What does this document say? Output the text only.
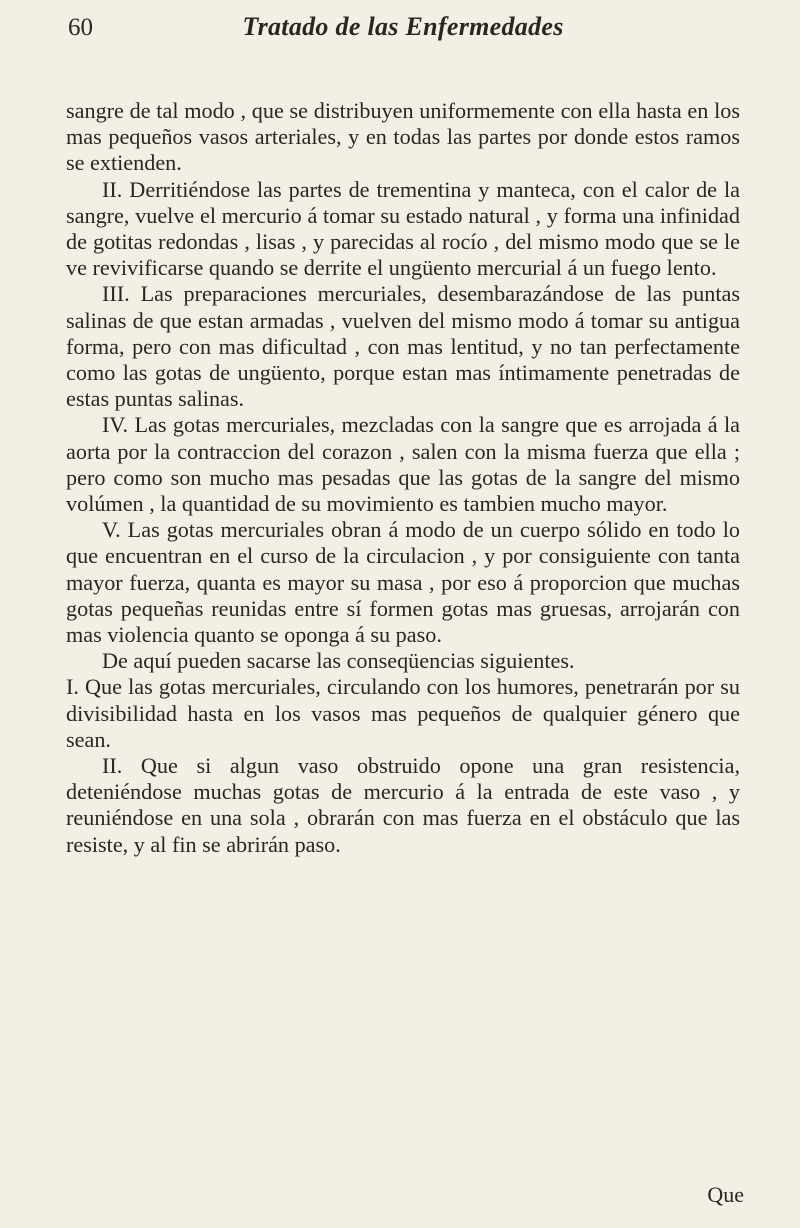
60	Tratado de las Enfermedades

sangre de tal modo , que se distribuyen uniformemente con ella hasta en los mas pequeños vasos arteriales, y en todas las partes por donde estos ramos se extienden.

II. Derritiéndose las partes de trementina y manteca, con el calor de la sangre, vuelve el mercurio á tomar su estado natural , y forma una infinidad de gotitas redondas , lisas , y parecidas al rocío , del mismo modo que se le ve revivificarse quando se derrite el ungüento mercurial á un fuego lento.

III. Las preparaciones mercuriales, desembarazándose de las puntas salinas de que estan armadas , vuelven del mismo modo á tomar su antigua forma, pero con mas dificultad , con mas lentitud, y no tan perfectamente como las gotas de ungüento, porque estan mas íntimamente penetradas de estas puntas salinas.

IV. Las gotas mercuriales, mezcladas con la sangre que es arrojada á la aorta por la contraccion del corazon , salen con la misma fuerza que ella ; pero como son mucho mas pesadas que las gotas de la sangre del mismo volúmen , la quantidad de su movimiento es tambien mucho mayor.

V. Las gotas mercuriales obran á modo de un cuerpo sólido en todo lo que encuentran en el curso de la circulacion , y por consiguiente con tanta mayor fuerza, quanta es mayor su masa , por eso á proporcion que muchas gotas pequeñas reunidas entre sí formen gotas mas gruesas, arrojarán con mas violencia quanto se oponga á su paso.

De aquí pueden sacarse las conseqüencias siguientes.

I. Que las gotas mercuriales, circulando con los humores, penetrarán por su divisibilidad hasta en los vasos mas pequeños de qualquier género que sean.

II. Que si algun vaso obstruido opone una gran resistencia, deteniéndose muchas gotas de mercurio á la entrada de este vaso , y reuniéndose en una sola , obrarán con mas fuerza en el obstáculo que las resiste, y al fin se abrirán paso.

Que
